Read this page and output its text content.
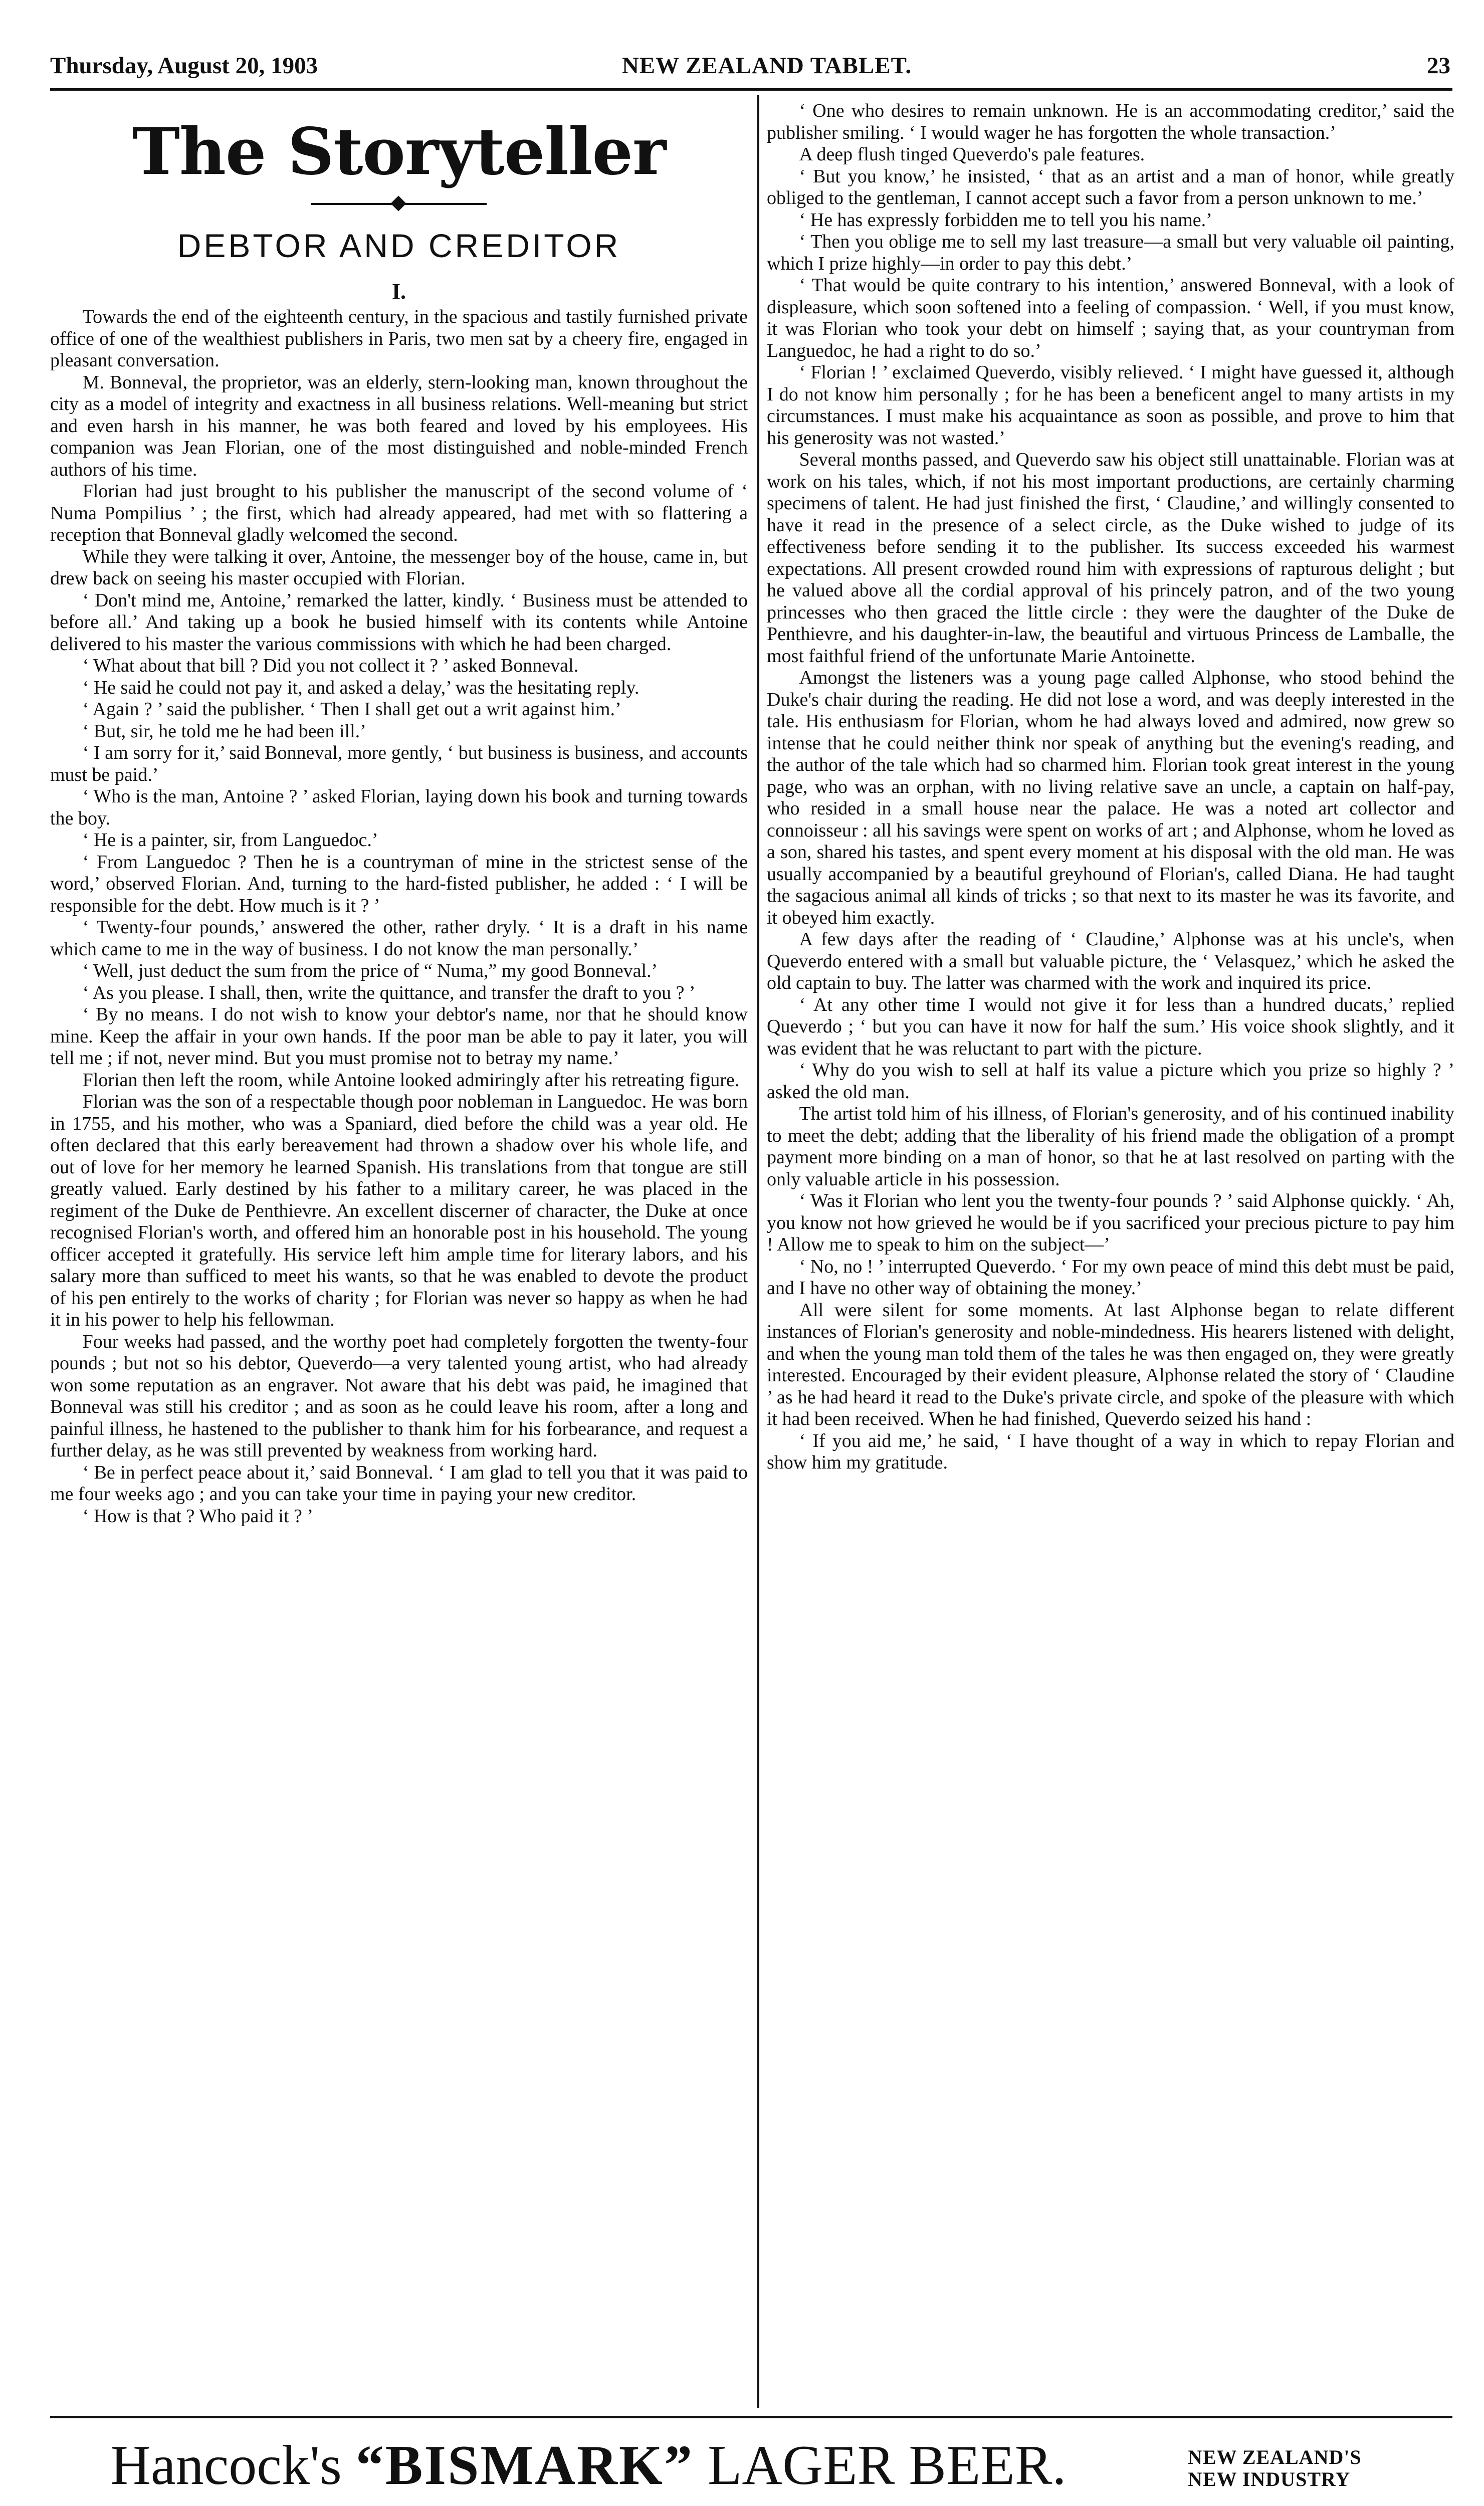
Thursday, August 20, 1903	NEW ZEALAND TABLET.	23
The Storyteller
DEBTOR AND CREDITOR
I.

Towards the end of the eighteenth century, in the spacious and tastily furnished private office of one of the wealthiest publishers in Paris, two men sat by a cheery fire, engaged in pleasant conversation.

M. Bonneval, the proprietor, was an elderly, stern-looking man, known throughout the city as a model of integrity and exactness in all business relations. Well-meaning but strict and even harsh in his manner, he was both feared and loved by his employees. His companion was Jean Florian, one of the most distinguished and noble-minded French authors of his time.

Florian had just brought to his publisher the manuscript of the second volume of ‘ Numa Pompilius ’ ; the first, which had already appeared, had met with so flattering a reception that Bonneval gladly welcomed the second.

While they were talking it over, Antoine, the messenger boy of the house, came in, but drew back on seeing his master occupied with Florian.

‘ Don't mind me, Antoine,’ remarked the latter, kindly. ‘ Business must be attended to before all.’ And taking up a book he busied himself with its contents while Antoine delivered to his master the various commissions with which he had been charged.

‘ What about that bill ? Did you not collect it ? ’ asked Bonneval.

‘ He said he could not pay it, and asked a delay,’ was the hesitating reply.

‘ Again ? ’ said the publisher. ‘ Then I shall get out a writ against him.’

‘ But, sir, he told me he had been ill.’

‘ I am sorry for it,’ said Bonneval, more gently, ‘ but business is business, and accounts must be paid.’

‘ Who is the man, Antoine ? ’ asked Florian, laying down his book and turning towards the boy.

‘ He is a painter, sir, from Languedoc.’

‘ From Languedoc ? Then he is a countryman of mine in the strictest sense of the word,’ observed Florian. And, turning to the hard-fisted publisher, he added : ‘ I will be responsible for the debt. How much is it ? ’

‘ Twenty-four pounds,’ answered the other, rather dryly. ‘ It is a draft in his name which came to me in the way of business. I do not know the man personally.’

‘ Well, just deduct the sum from the price of “ Numa,” my good Bonneval.’

‘ As you please. I shall, then, write the quittance, and transfer the draft to you ? ’

‘ By no means. I do not wish to know your debtor's name, nor that he should know mine. Keep the affair in your own hands. If the poor man be able to pay it later, you will tell me ; if not, never mind. But you must promise not to betray my name.’

Florian then left the room, while Antoine looked admiringly after his retreating figure.

Florian was the son of a respectable though poor nobleman in Languedoc. He was born in 1755, and his mother, who was a Spaniard, died before the child was a year old. He often declared that this early bereavement had thrown a shadow over his whole life, and out of love for her memory he learned Spanish. His translations from that tongue are still greatly valued. Early destined by his father to a military career, he was placed in the regiment of the Duke de Penthievre. An excellent discerner of character, the Duke at once recognised Florian's worth, and offered him an honorable post in his household. The young officer accepted it gratefully. His service left him ample time for literary labors, and his salary more than sufficed to meet his wants, so that he was enabled to devote the product of his pen entirely to the works of charity ; for Florian was never so happy as when he had it in his power to help his fellowman.

Four weeks had passed, and the worthy poet had completely forgotten the twenty-four pounds ; but not so his debtor, Queverdo—a very talented young artist, who had already won some reputation as an engraver. Not aware that his debt was paid, he imagined that Bonneval was still his creditor ; and as soon as he could leave his room, after a long and painful illness, he hastened to the publisher to thank him for his forbearance, and request a further delay, as he was still prevented by weakness from working hard.

‘ Be in perfect peace about it,’ said Bonneval. ‘ I am glad to tell you that it was paid to me four weeks ago ; and you can take your time in paying your new creditor.

‘ How is that ? Who paid it ? ’

‘ One who desires to remain unknown. He is an accommodating creditor,’ said the publisher smiling. ‘ I would wager he has forgotten the whole transaction.’

A deep flush tinged Queverdo's pale features.

‘ But you know,’ he insisted, ‘ that as an artist and a man of honor, while greatly obliged to the gentleman, I cannot accept such a favor from a person unknown to me.’

‘ He has expressly forbidden me to tell you his name.’

‘ Then you oblige me to sell my last treasure—a small but very valuable oil painting, which I prize highly—in order to pay this debt.’

‘ That would be quite contrary to his intention,’ answered Bonneval, with a look of displeasure, which soon softened into a feeling of compassion. ‘ Well, if you must know, it was Florian who took your debt on himself ; saying that, as your countryman from Languedoc, he had a right to do so.’

‘ Florian ! ’ exclaimed Queverdo, visibly relieved. ‘ I might have guessed it, although I do not know him personally ; for he has been a beneficent angel to many artists in my circumstances. I must make his acquaintance as soon as possible, and prove to him that his generosity was not wasted.’

Several months passed, and Queverdo saw his object still unattainable. Florian was at work on his tales, which, if not his most important productions, are certainly charming specimens of talent. He had just finished the first, ‘ Claudine,’ and willingly consented to have it read in the presence of a select circle, as the Duke wished to judge of its effectiveness before sending it to the publisher. Its success exceeded his warmest expectations. All present crowded round him with expressions of rapturous delight ; but he valued above all the cordial approval of his princely patron, and of the two young princesses who then graced the little circle : they were the daughter of the Duke de Penthievre, and his daughter-in-law, the beautiful and virtuous Princess de Lamballe, the most faithful friend of the unfortunate Marie Antoinette.

Amongst the listeners was a young page called Alphonse, who stood behind the Duke's chair during the reading. He did not lose a word, and was deeply interested in the tale. His enthusiasm for Florian, whom he had always loved and admired, now grew so intense that he could neither think nor speak of anything but the evening's reading, and the author of the tale which had so charmed him. Florian took great interest in the young page, who was an orphan, with no living relative save an uncle, a captain on half-pay, who resided in a small house near the palace. He was a noted art collector and connoisseur : all his savings were spent on works of art ; and Alphonse, whom he loved as a son, shared his tastes, and spent every moment at his disposal with the old man. He was usually accompanied by a beautiful greyhound of Florian's, called Diana. He had taught the sagacious animal all kinds of tricks ; so that next to its master he was its favorite, and it obeyed him exactly.

A few days after the reading of ‘ Claudine,’ Alphonse was at his uncle's, when Queverdo entered with a small but valuable picture, the ‘ Velasquez,’ which he asked the old captain to buy. The latter was charmed with the work and inquired its price.

‘ At any other time I would not give it for less than a hundred ducats,’ replied Queverdo ; ‘ but you can have it now for half the sum.’ His voice shook slightly, and it was evident that he was reluctant to part with the picture.

‘ Why do you wish to sell at half its value a picture which you prize so highly ? ’ asked the old man.

The artist told him of his illness, of Florian's generosity, and of his continued inability to meet the debt; adding that the liberality of his friend made the obligation of a prompt payment more binding on a man of honor, so that he at last resolved on parting with the only valuable article in his possession.

‘ Was it Florian who lent you the twenty-four pounds ? ’ said Alphonse quickly. ‘ Ah, you know not how grieved he would be if you sacrificed your precious picture to pay him ! Allow me to speak to him on the subject—’

‘ No, no ! ’ interrupted Queverdo. ‘ For my own peace of mind this debt must be paid, and I have no other way of obtaining the money.’

All were silent for some moments. At last Alphonse began to relate different instances of Florian's generosity and noble-mindedness. His hearers listened with delight, and when the young man told them of the tales he was then engaged on, they were greatly interested. Encouraged by their evident pleasure, Alphonse related the story of ‘ Claudine ’ as he had heard it read to the Duke's private circle, and spoke of the pleasure with which it had been received. When he had finished, Queverdo seized his hand :

‘ If you aid me,’ he said, ‘ I have thought of a way in which to repay Florian and show him my gratitude.

Hancock's “BISMARK” LAGER BEER.	NEW ZEALAND'S
NEW INDUSTRY
